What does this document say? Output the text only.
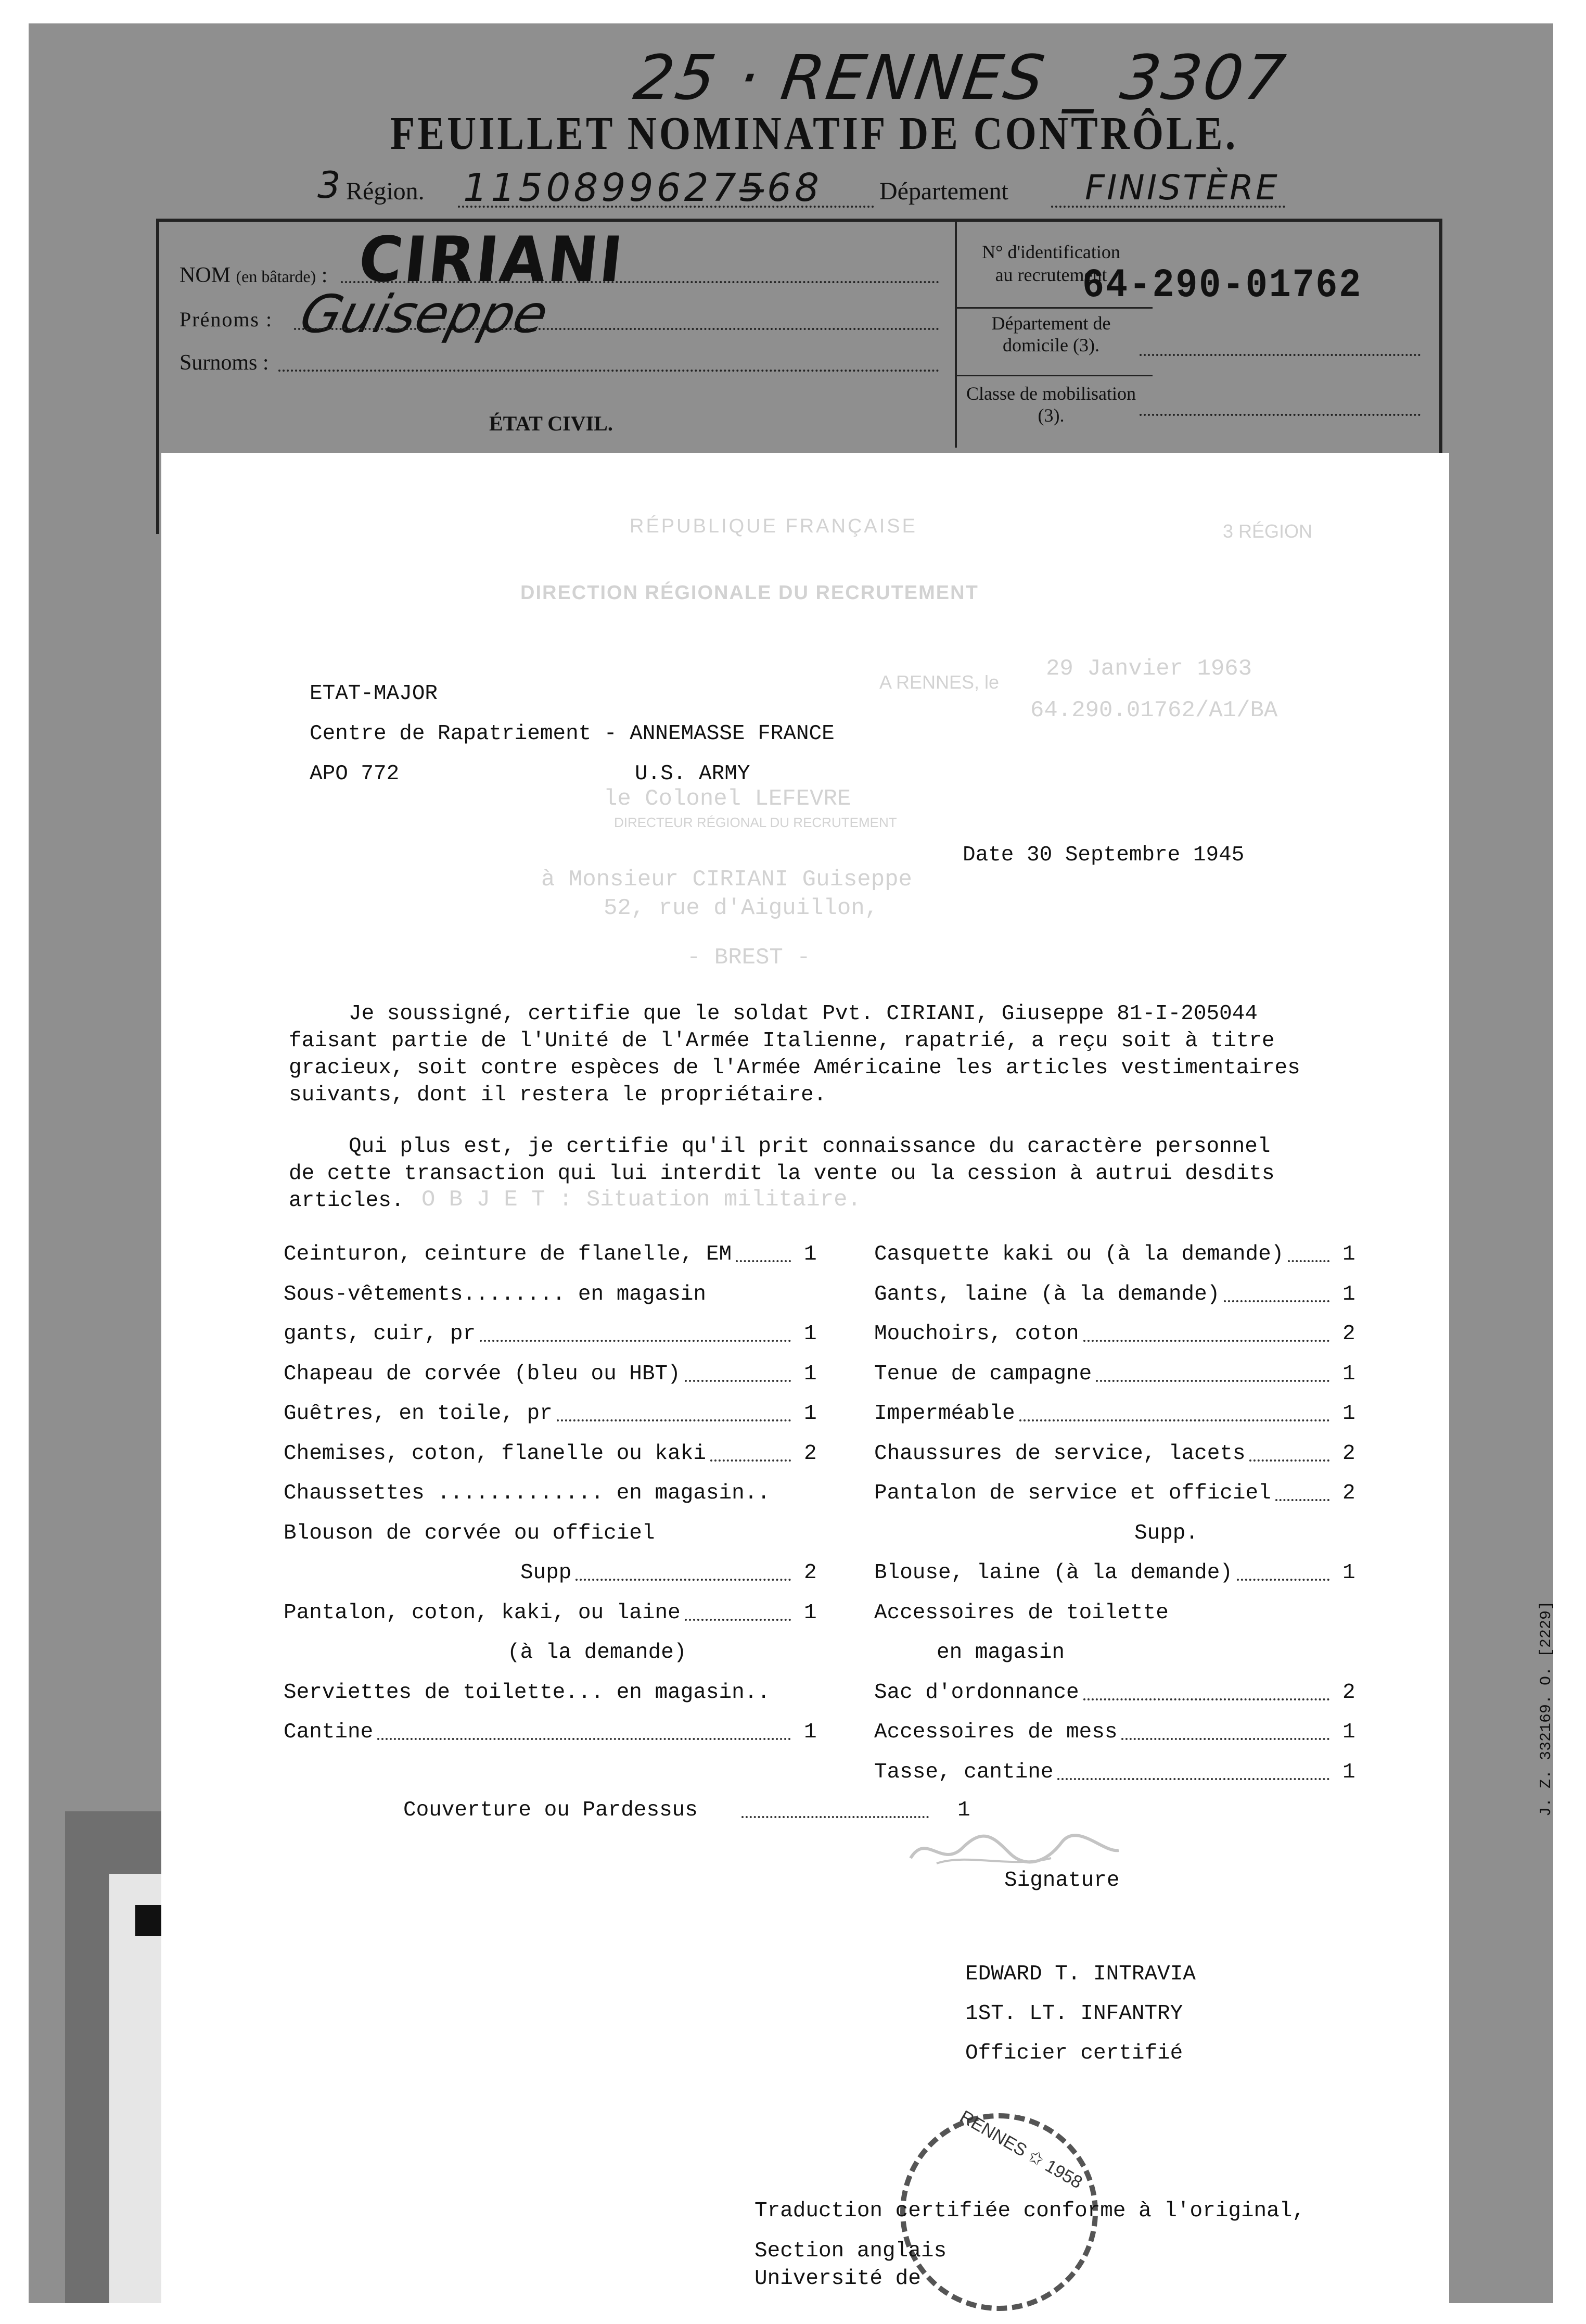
25 · RENNES _ 3307
FEUILLET NOMINATIF DE CONTRÔLE.
3 Région. 11508996275̶68 Département FINISTÈRE
NOM (en bâtarde) : CIRIANI
Prénoms : Guiseppe
Surnoms :
ÉTAT CIVIL.
N° d'identification au recrutement
64-290-01762
Département de domicile (3).
Classe de mobilisation (3).
RÉPUBLIQUE FRANÇAISE	3 RÉGION
DIRECTION RÉGIONALE DU RECRUTEMENT
A RENNES, le
29 Janvier 1963
64.290.01762/A1/BA
le Colonel LEFEVRE
DIRECTEUR RÉGIONAL DU RECRUTEMENT
à Monsieur CIRIANI Guiseppe
52, rue d'Aiguillon,
- BREST -
O B J E T : Situation militaire.
ETAT-MAJOR
Centre de Rapatriement - ANNEMASSE FRANCE
APO 772	U.S. ARMY
Date 30 Septembre 1945
Je soussigné, certifie que le soldat Pvt. CIRIANI, Giuseppe 81-I-205044
faisant partie de l'Unité de l'Armée Italienne, rapatrié, a reçu soit à titre
gracieux, soit contre espèces de l'Armée Américaine les articles vestimentaires
suivants, dont il restera le propriétaire.
Qui plus est, je certifie qu'il prit connaissance du caractère personnel
de cette transaction qui lui interdit la vente ou la cession à autrui desdits
articles.
Ceinturon, ceinture de flanelle, EM	1
Sous-vêtements........ en magasin
gants, cuir, pr	1
Chapeau de corvée (bleu ou HBT)	1
Guêtres, en toile, pr	1
Chemises, coton, flanelle ou kaki	2
Chaussettes ............. en magasin..
Blouson de corvée ou officiel
Supp	2
Pantalon, coton, kaki, ou laine	1
(à la demande)
Serviettes de toilette... en magasin..
Cantine	1
Casquette kaki ou (à la demande)	1
Gants, laine (à la demande)	1
Mouchoirs, coton	2
Tenue de campagne	1
Imperméable	1
Chaussures de service, lacets	2
Pantalon de service et officiel	2
Supp.
Blouse, laine (à la demande)	1
Accessoires de toilette
en magasin
Sac d'ordonnance	2
Accessoires de mess	1
Tasse, cantine	1
Couverture ou Pardessus	1
Signature
EDWARD T. INTRAVIA
1ST. LT. INFANTRY
Officier certifié
RENNES ✩ 1958
Traduction certifiée conforme à l'original,
Section anglais
Université de
J. Z. 332169. O. [2229]
